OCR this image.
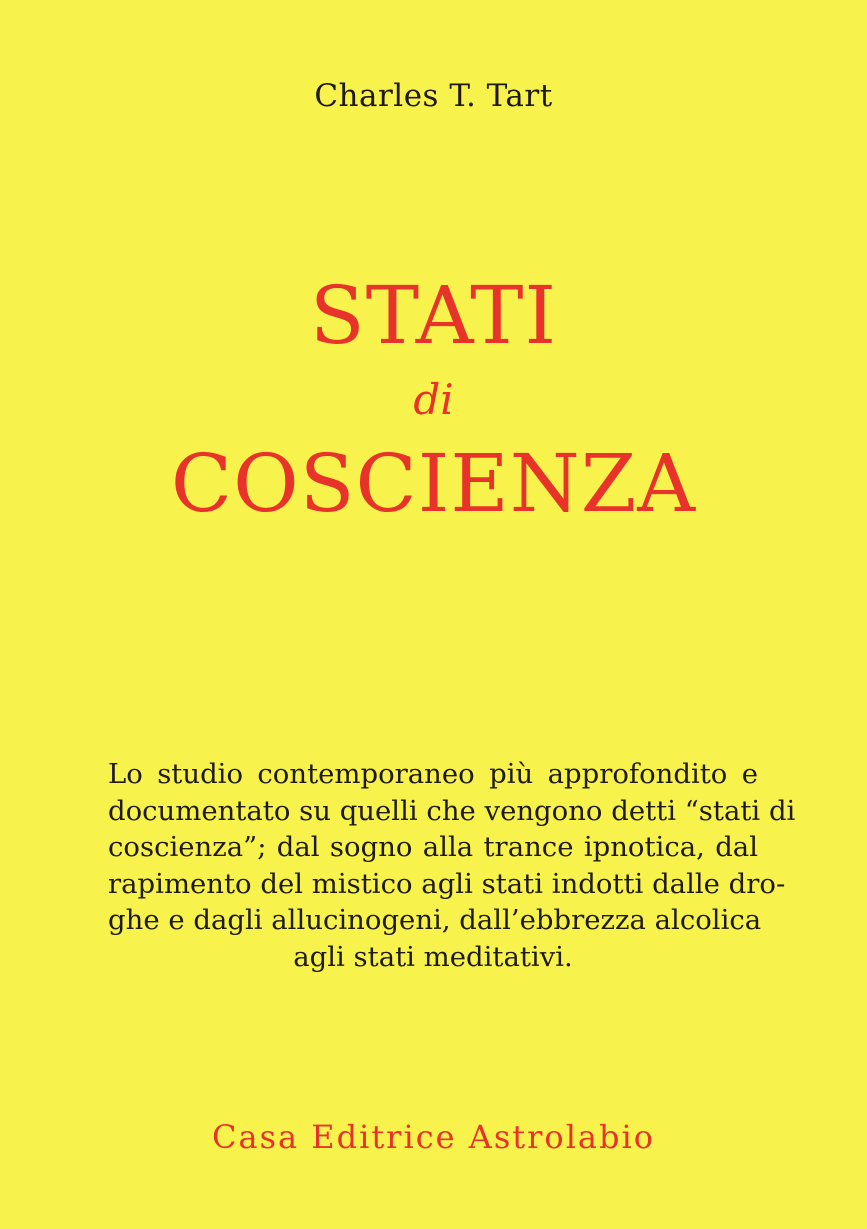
Charles T. Tart
STATI
di
COSCIENZA
Lo studio contemporaneo più approfondito e
documentato su quelli che vengono detti “stati di
coscienza”; dal sogno alla trance ipnotica, dal
rapimento del mistico agli stati indotti dalle dro-
ghe e dagli allucinogeni, dall’ebbrezza alcolica
agli stati meditativi.
Casa Editrice Astrolabio
